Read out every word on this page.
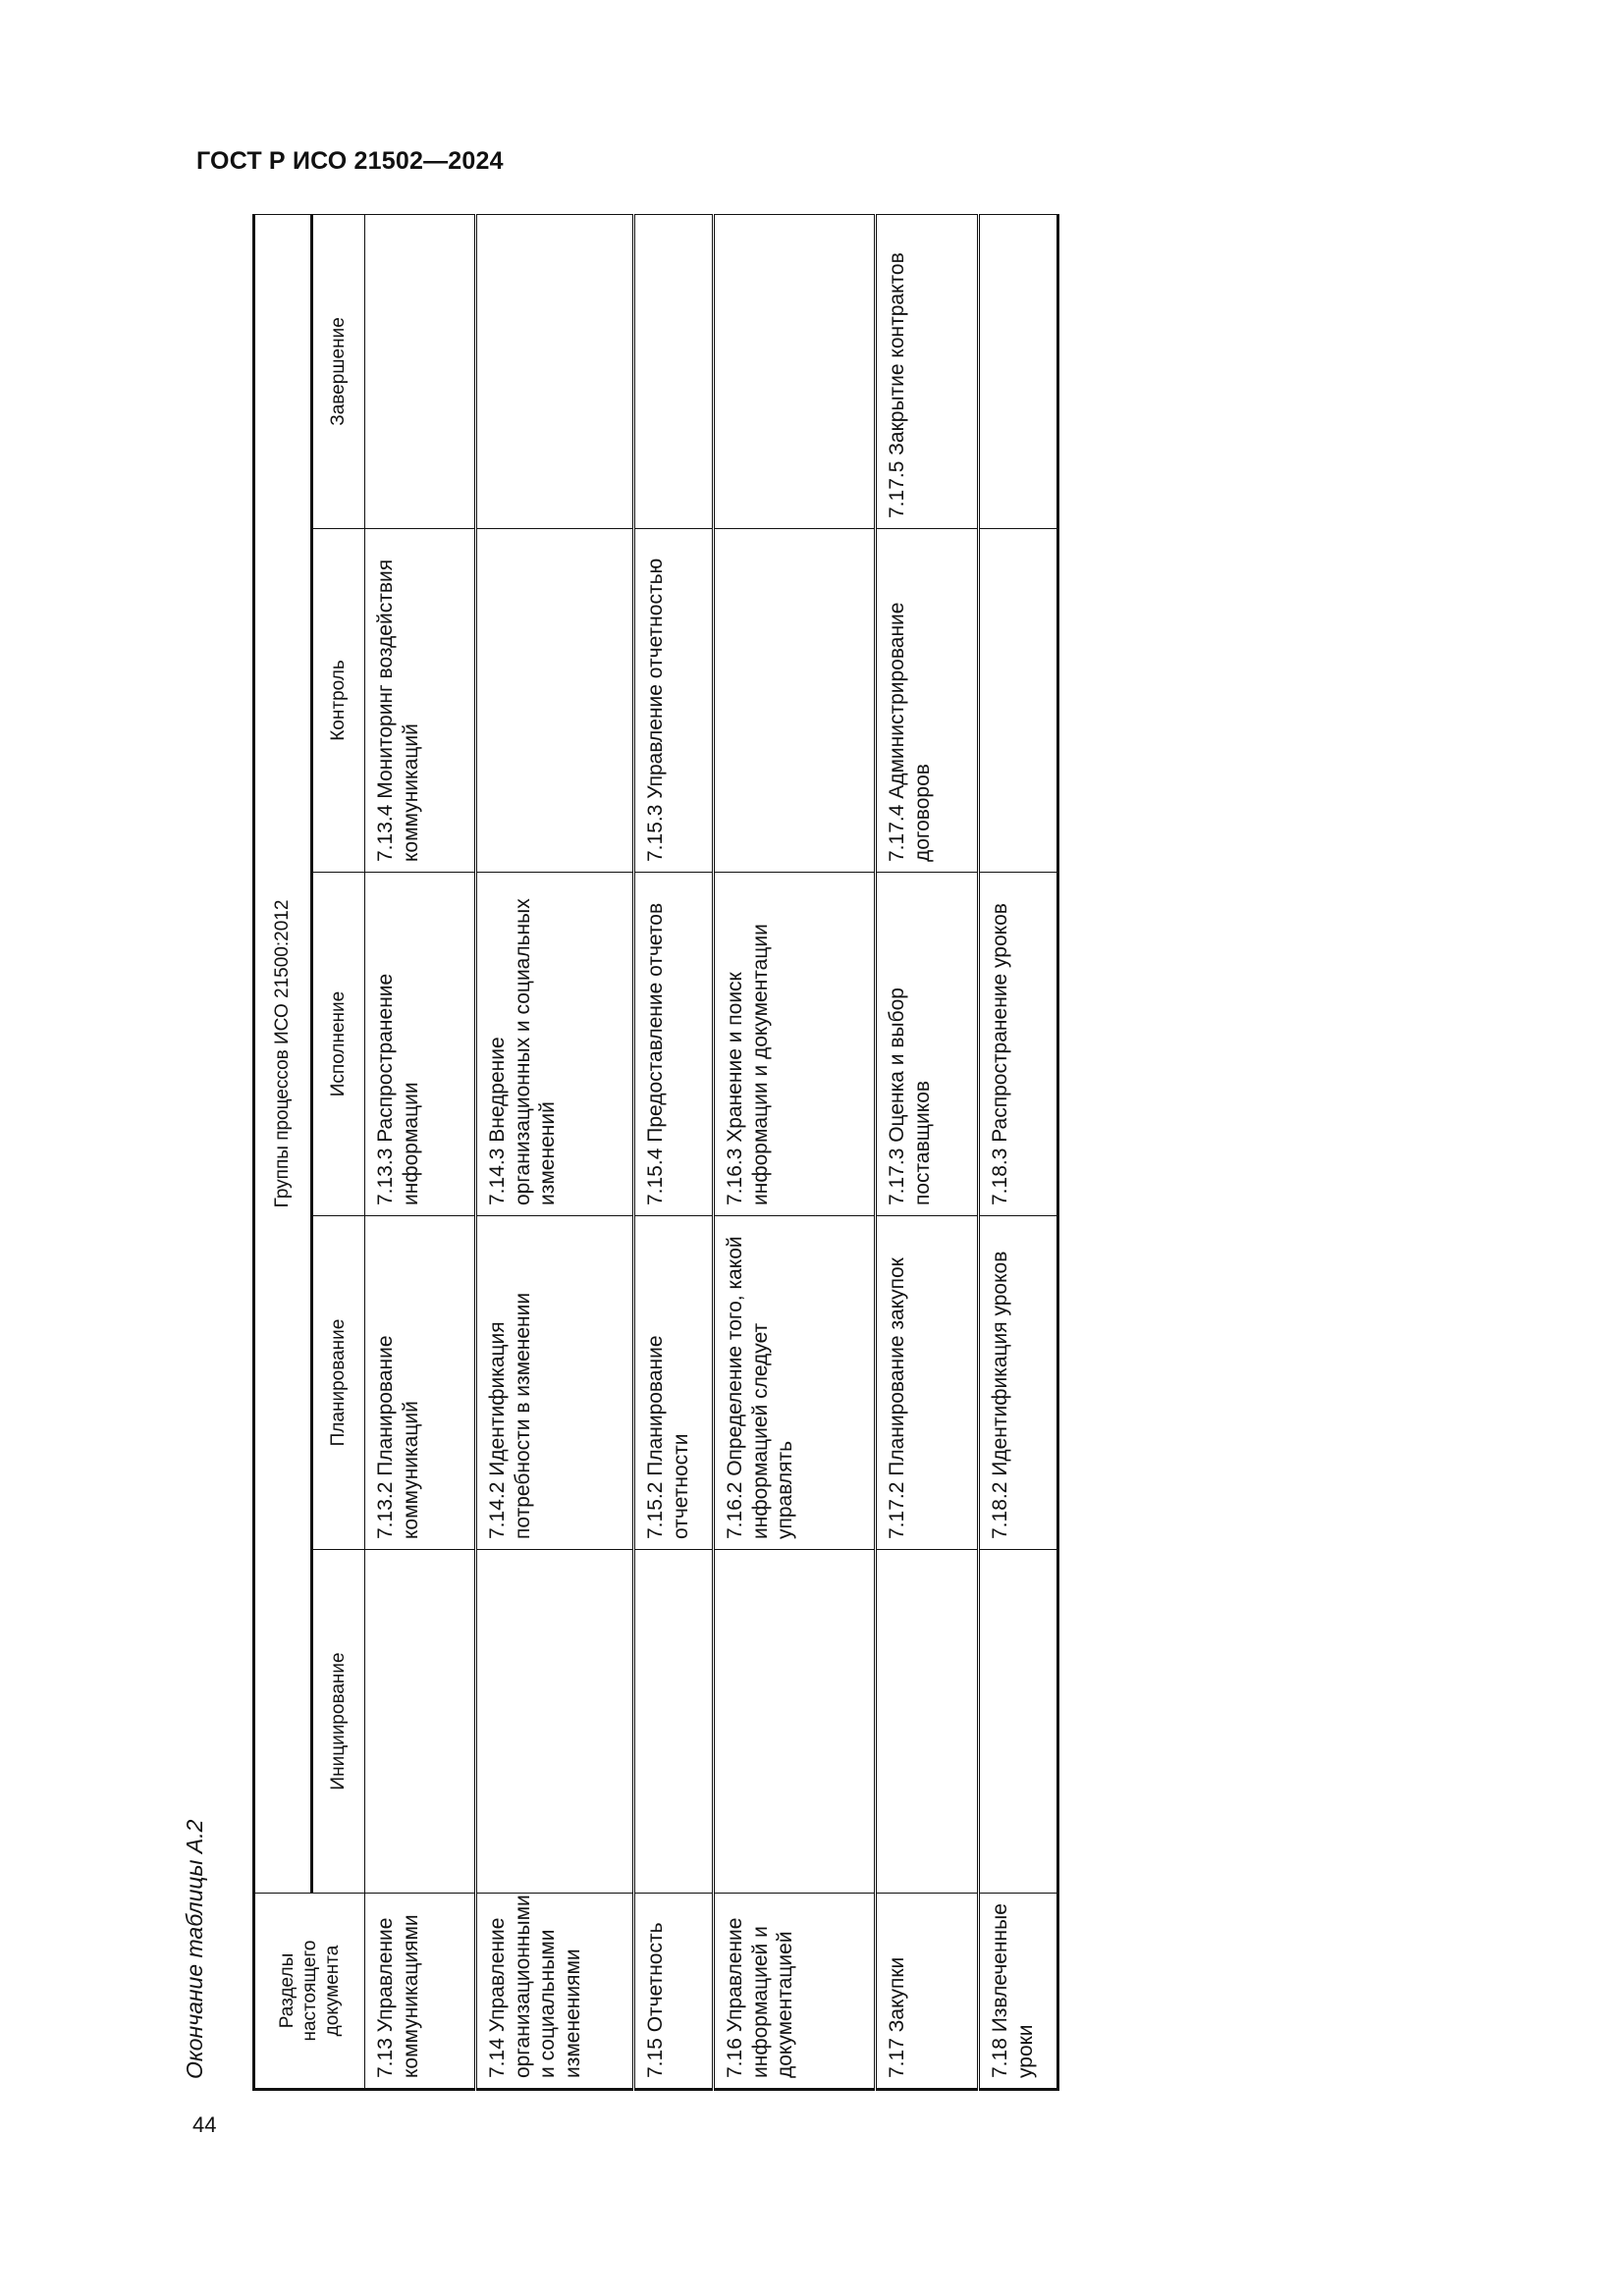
ГОСТ Р ИСО 21502—2024
44

Окончание таблицы А.2	Разделы настоящего документа	Группы процессов ИСО 21500:2012				
	Инициирование	Планирование	Исполнение	Контроль	Завершение
7.13 Управление коммуникациями		7.13.2 Планирование коммуникаций	7.13.3 Распространение информации	7.13.4 Мониторинг воздействия коммуникаций	
7.14 Управление организационными и социальными изменениями		7.14.2 Идентификация потребности в изменении	7.14.3 Внедрение организационных и социальных изменений		
7.15 Отчетность		7.15.2 Планирование отчетности	7.15.4 Предоставление отчетов	7.15.3 Управление отчетностью	
7.16 Управление информацией и документацией		7.16.2 Определение того, какой информацией следует управлять	7.16.3 Хранение и поиск информации и документации		
7.17 Закупки		7.17.2 Планирование закупок	7.17.3 Оценка и выбор поставщиков	7.17.4 Администрирование договоров	7.17.5 Закрытие контрактов
7.18 Извлеченные уроки		7.18.2 Идентификация уроков	7.18.3 Распространение уроков		
